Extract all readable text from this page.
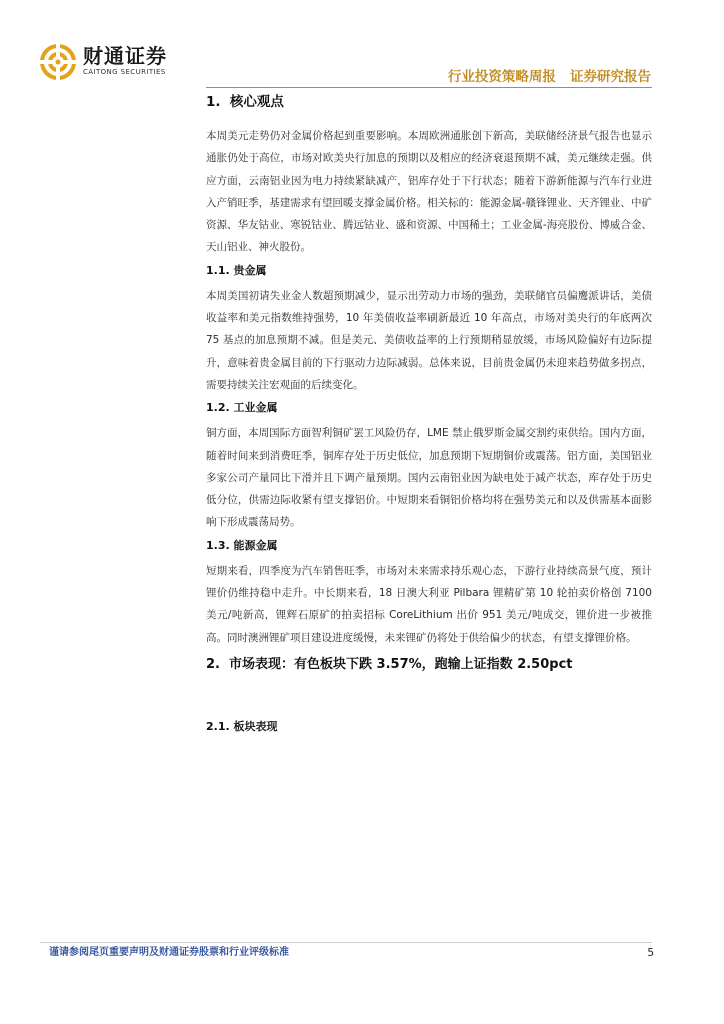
财通证券
CAITONG SECURITIES	行业投资策略周报   证券研究报告
1.  核心观点

本周美元走势仍对金属价格起到重要影响。本周欧洲通胀创下新高，美联储经济景气报告也显示通胀仍处于高位，市场对欧美央行加息的预期以及相应的经济衰退预期不减，美元继续走强。供应方面，云南铝业因为电力持续紧缺减产，铝库存处于下行状态；随着下游新能源与汽车行业进入产销旺季，基建需求有望回暖支撑金属价格。相关标的：能源金属-赣锋锂业、天齐锂业、中矿资源、华友钴业、寒锐钴业、腾远钴业、盛和资源、中国稀土；工业金属-海亮股份、博威合金、天山铝业、神火股份。

1.1. 贵金属

本周美国初请失业金人数超预期减少，显示出劳动力市场的强劲，美联储官员偏鹰派讲话，美债收益率和美元指数维持强势，10 年美债收益率刷新最近 10 年高点，市场对美央行的年底两次 75 基点的加息预期不减。但是美元、美债收益率的上行预期稍显放缓，市场风险偏好有边际提升，意味着贵金属目前的下行驱动力边际减弱。总体来说，目前贵金属仍未迎来趋势做多拐点，需要持续关注宏观面的后续变化。

1.2. 工业金属

铜方面，本周国际方面智利铜矿罢工风险仍存，LME 禁止俄罗斯金属交割约束供给。国内方面，随着时间来到消费旺季，铜库存处于历史低位，加息预期下短期铜价或震荡。铝方面，美国铝业多家公司产量同比下滑并且下调产量预期。国内云南铝业因为缺电处于减产状态，库存处于历史低分位，供需边际收紧有望支撑铝价。中短期来看铜铝价格均将在强势美元和以及供需基本面影响下形成震荡局势。

1.3. 能源金属

短期来看，四季度为汽车销售旺季，市场对未来需求持乐观心态，下游行业持续高景气度，预计锂价仍维持稳中走升。中长期来看，18 日澳大利亚 Pilbara 锂精矿第 10 轮拍卖价格创 7100 美元/吨新高，锂辉石原矿的拍卖招标 CoreLithium 出价 951 美元/吨成交，锂价进一步被推高。同时澳洲锂矿项目建设进度缓慢，未来锂矿仍将处于供给偏少的状态，有望支撑锂价格。

2.  市场表现：有色板块下跌 3.57%，跑输上证指数 2.50pct
2.1. 板块表现
谨请参阅尾页重要声明及财通证券股票和行业评级标准	5
